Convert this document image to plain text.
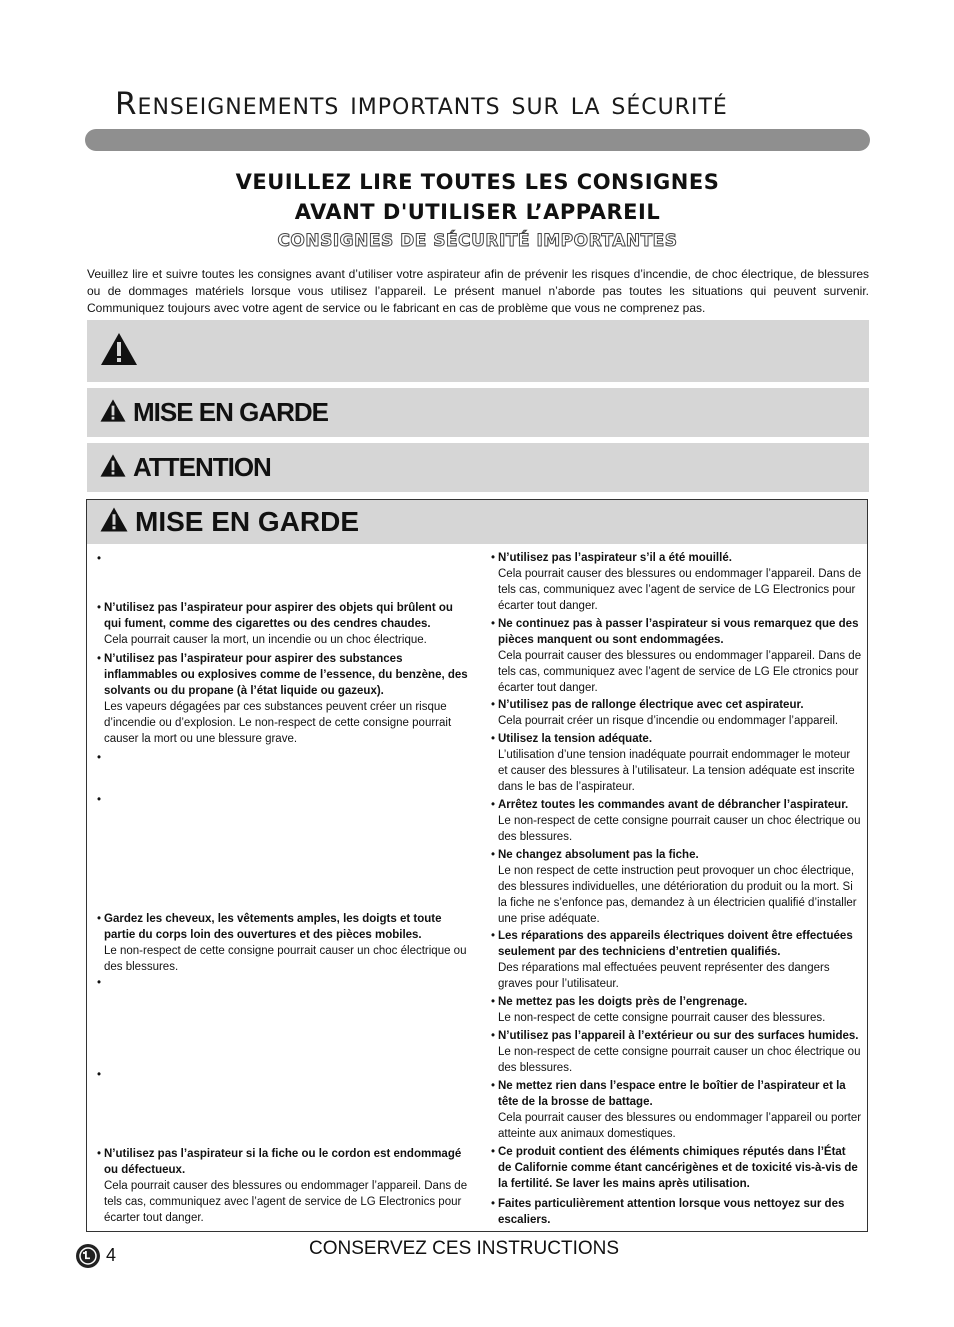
Renseignements importants sur la sécurité
VEUILLEZ LIRE TOUTES LES CONSIGNES
AVANT D'UTILISER L’APPAREIL
CONSIGNES DE SÉCURITÉ IMPORTANTES
Veuillez lire et suivre toutes les consignes avant d’utiliser votre aspirateur afin de prévenir les risques d’incendie, de choc électrique, de blessures ou de dommages matériels lorsque vous utilisez l’appareil. Le présent manuel n’aborde pas toutes les situations qui peuvent survenir. Communiquez toujours avec votre agent de service ou le fabricant en cas de problème que vous ne comprenez pas.
MISE EN GARDE
ATTENTION
MISE EN GARDE
•
• N’utilisez pas l’aspirateur pour aspirer des objets qui brûlent ou qui fument, comme des cigarettes ou des cendres chaudes.
Cela pourrait causer la mort, un incendie ou un choc électrique.
• N’utilisez pas l’aspirateur pour aspirer des substances inflammables ou explosives comme de l’essence, du benzène, des solvants ou du propane (à l’état liquide ou gazeux).
Les vapeurs dégagées par ces substances peuvent créer un risque d’incendie ou d’explosion. Le non-respect de cette consigne pourrait causer la mort ou une blessure grave.
•
•
• Gardez les cheveux, les vêtements amples, les doigts et toute partie du corps loin des ouvertures et des pièces mobiles.
Le non-respect de cette consigne pourrait causer un choc électrique ou des blessures.
•
•
• N’utilisez pas l’aspirateur si la fiche ou le cordon est endommagé ou défectueux.
Cela pourrait causer des blessures ou endommager l’appareil. Dans de tels cas, communiquez avec l’agent de service de LG Electronics pour écarter tout danger.
• N’utilisez pas l’aspirateur s’il a été mouillé.
Cela pourrait causer des blessures ou endommager l’appareil. Dans de tels cas, communiquez avec l’agent de service de LG Electronics pour écarter tout danger.
• Ne continuez pas à passer l’aspirateur si vous remarquez que des pièces manquent ou sont endommagées.
Cela pourrait causer des blessures ou endommager l’appareil. Dans de tels cas, communiquez avec l’agent de service de LG Ele ctronics pour écarter tout danger.
• N’utilisez pas de rallonge électrique avec cet aspirateur.
Cela pourrait créer un risque d’incendie ou endommager l’appareil.
• Utilisez la tension adéquate.
L’utilisation d’une tension inadéquate pourrait endommager le moteur et causer des blessures à l’utilisateur. La tension adéquate est inscrite dans le bas de l’aspirateur.
• Arrêtez toutes les commandes avant de débrancher l’aspirateur.
Le non-respect de cette consigne pourrait causer un choc électrique ou des blessures.
• Ne changez absolument pas la fiche.
Le non respect de cette instruction peut provoquer un choc électrique, des blessures individuelles, une détérioration du produit ou la mort. Si la fiche ne s’enfonce pas, demandez à un électricien qualifié d’installer une prise adéquate.
• Les réparations des appareils électriques doivent être effectuées seulement par des techniciens d’entretien qualifiés.
Des réparations mal effectuées peuvent représenter des dangers graves pour l’utilisateur.
• Ne mettez pas les doigts près de l’engrenage.
Le non-respect de cette consigne pourrait causer des blessures.
• N’utilisez pas l’appareil à l’extérieur ou sur des surfaces humides.
Le non-respect de cette consigne pourrait causer un choc électrique ou des blessures.
• Ne mettez rien dans l’espace entre le boîtier de l’aspirateur et la tête de la brosse de battage.
Cela pourrait causer des blessures ou endommager l’appareil ou porter atteinte aux animaux domestiques.
• Ce produit contient des éléments chimiques réputés dans l’État de Californie comme étant cancérigènes et de toxicité vis-à-vis de la fertilité. Se laver les mains après utilisation.
• Faites particulièrement attention lorsque vous nettoyez sur des escaliers.
4	CONSERVEZ CES INSTRUCTIONS
